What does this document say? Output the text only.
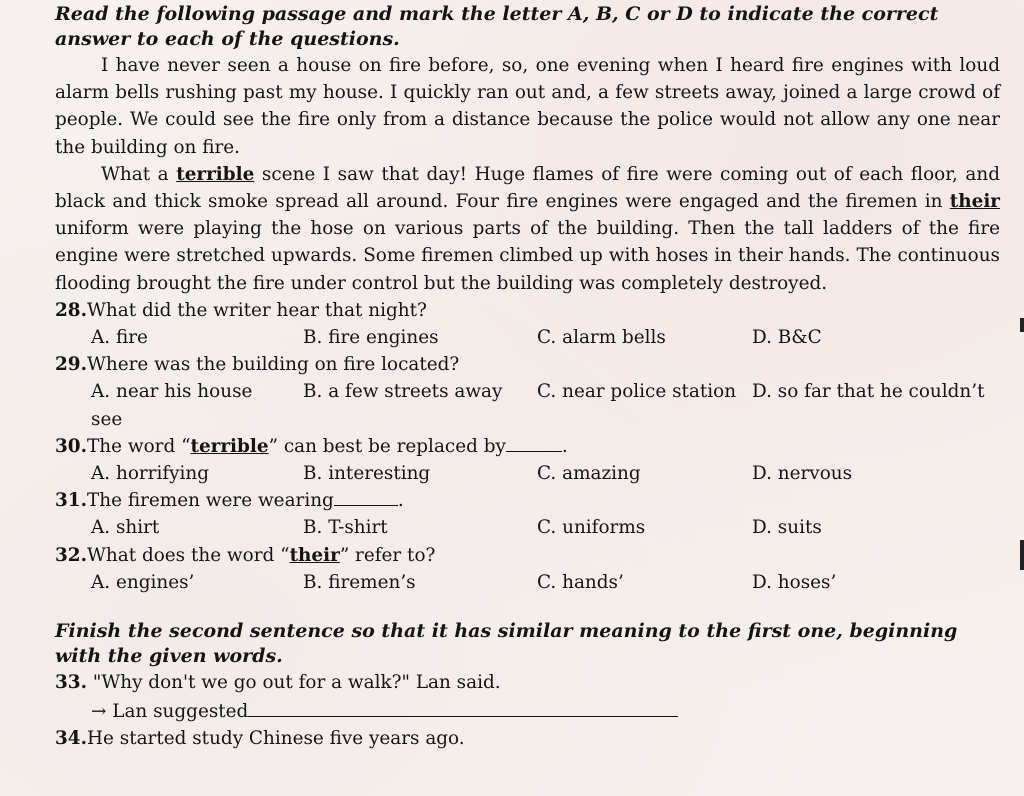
Read the following passage and mark the letter A, B, C or D to indicate the correct answer to each of the questions.

I have never seen a house on fire before, so, one evening when I heard fire engines with loud alarm bells rushing past my house. I quickly ran out and, a few streets away, joined a large crowd of people. We could see the fire only from a distance because the police would not allow any one near the building on fire.

What a terrible scene I saw that day! Huge flames of fire were coming out of each floor, and black and thick smoke spread all around. Four fire engines were engaged and the firemen in their uniform were playing the hose on various parts of the building. Then the tall ladders of the fire engine were stretched upwards. Some firemen climbed up with hoses in their hands. The continuous flooding brought the fire under control but the building was completely destroyed.

28.What did the writer hear that night?

A. fire	B. fire engines	C. alarm bells	D. B&C

29.Where was the building on fire located?

A. near his house	B. a few streets away	C. near police station D. so far that he couldn’t
see

30.The word “terrible” can best be replaced by	.

A. horrifying	B. interesting	C. amazing	D. nervous

31.The firemen were wearing	.

A. shirt	B. T-shirt	C. uniforms	D. suits

32.What does the word “their” refer to?

A. engines’	B. firemen’s	C. hands’	D. hoses’

Finish the second sentence so that it has similar meaning to the first one, beginning with the given words.

33. "Why don't we go out for a walk?" Lan said.

→ Lan suggested

34.He started study Chinese five years ago.
